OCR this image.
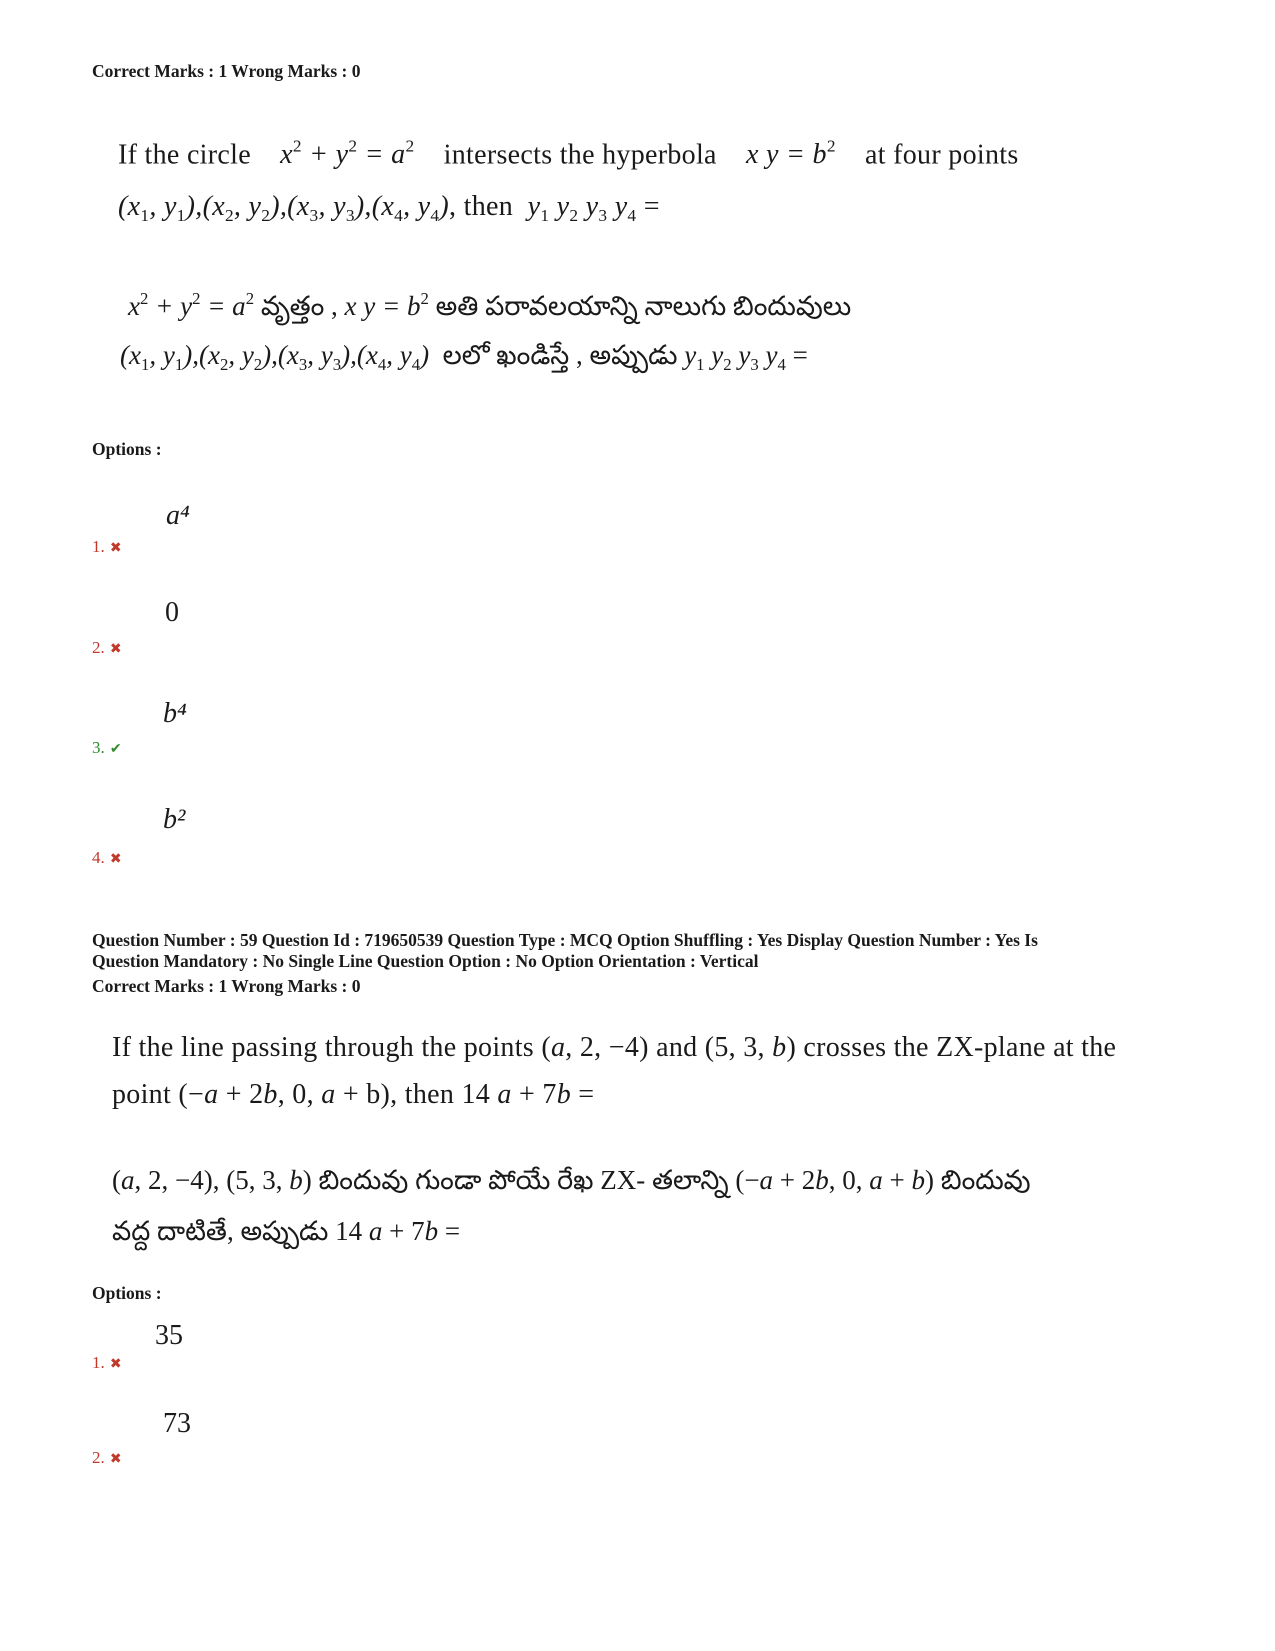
Correct Marks : 1 Wrong Marks : 0
If the circle $x^2 + y^2 = a^2$ intersects the hyperbola x $y = b^2$ at four points
($x_1$, $y_1),(x_2$, $y_2),(x_3$, $y_3),(x_4$, $y_4$), then $y_1$ $y_2$ $y_3$ $y_4$ =
$x^2 + y^2 = a^2$ వృత్తం , x $y = b^2$ అతి పరావలయాన్ని నాలుగు బిందువులు
($x_1$, $y_1),(x_2$, $y_2),(x_3$, $y_3),(x_4$, $y_4$) లలో ఖండిస్తే , అప్పుడు $y_1$ $y_2$ $y_3$ $y_4$ =
Options :
a⁴
1. ✖
0
2. ✖
b⁴
3. ✔
b²
4. ✖
Question Number : 59 Question Id : 719650539 Question Type : MCQ Option Shuffling : Yes Display Question Number : Yes Is
Question Mandatory : No Single Line Question Option : No Option Orientation : Vertical
Correct Marks : 1 Wrong Marks : 0
If the line passing through the points (a, 2, −4) and (5, 3, b) crosses the ZX-plane at the
point (−a + 2b, 0, a + b), then 14 a + 7b =
(a, 2, −4), (5, 3, b) బిందువు గుండా పోయే రేఖ ZX- తలాన్ని (−a + 2b, 0, a + b) బిందువు
వద్ద దాటితే, అప్పుడు 14 a + 7b =
Options :
35
1. ✖
73
2. ✖
